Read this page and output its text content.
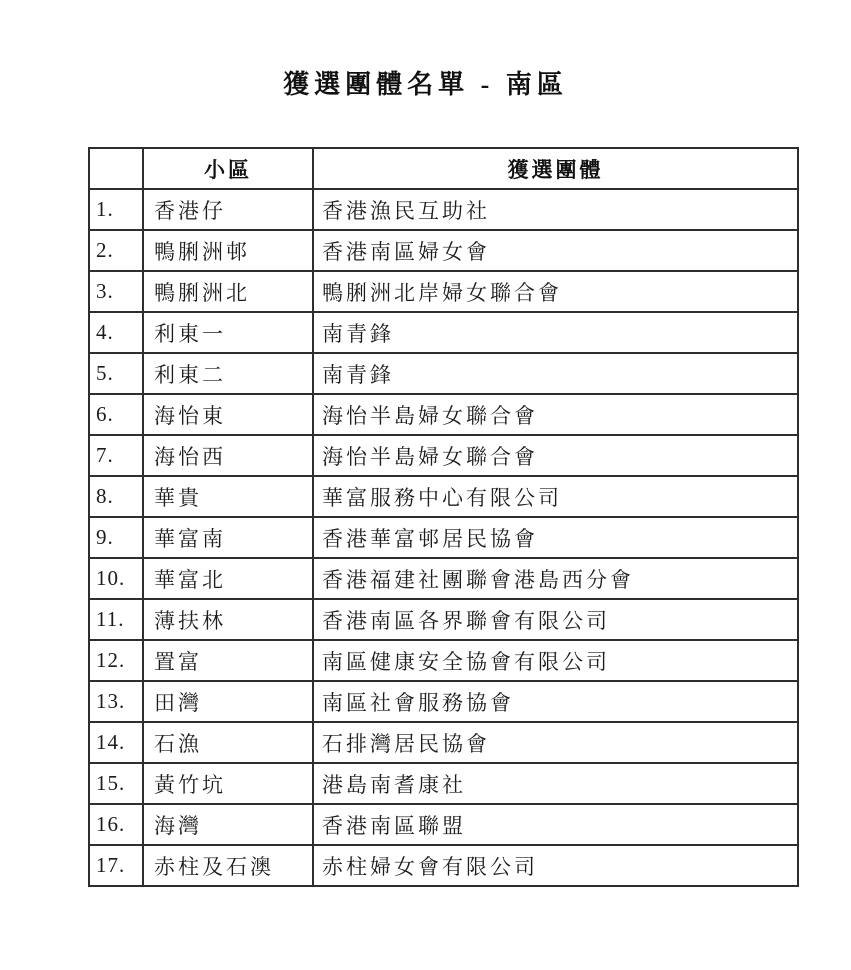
獲選團體名單 - 南區
	小區	獲選團體
1.	香港仔	香港漁民互助社
2.	鴨脷洲邨	香港南區婦女會
3.	鴨脷洲北	鴨脷洲北岸婦女聯合會
4.	利東一	南青鋒
5.	利東二	南青鋒
6.	海怡東	海怡半島婦女聯合會
7.	海怡西	海怡半島婦女聯合會
8.	華貴	華富服務中心有限公司
9.	華富南	香港華富邨居民協會
10.	華富北	香港福建社團聯會港島西分會
11.	薄扶林	香港南區各界聯會有限公司
12.	置富	南區健康安全協會有限公司
13.	田灣	南區社會服務協會
14.	石漁	石排灣居民協會
15.	黃竹坑	港島南耆康社
16.	海灣	香港南區聯盟
17.	赤柱及石澳	赤柱婦女會有限公司
